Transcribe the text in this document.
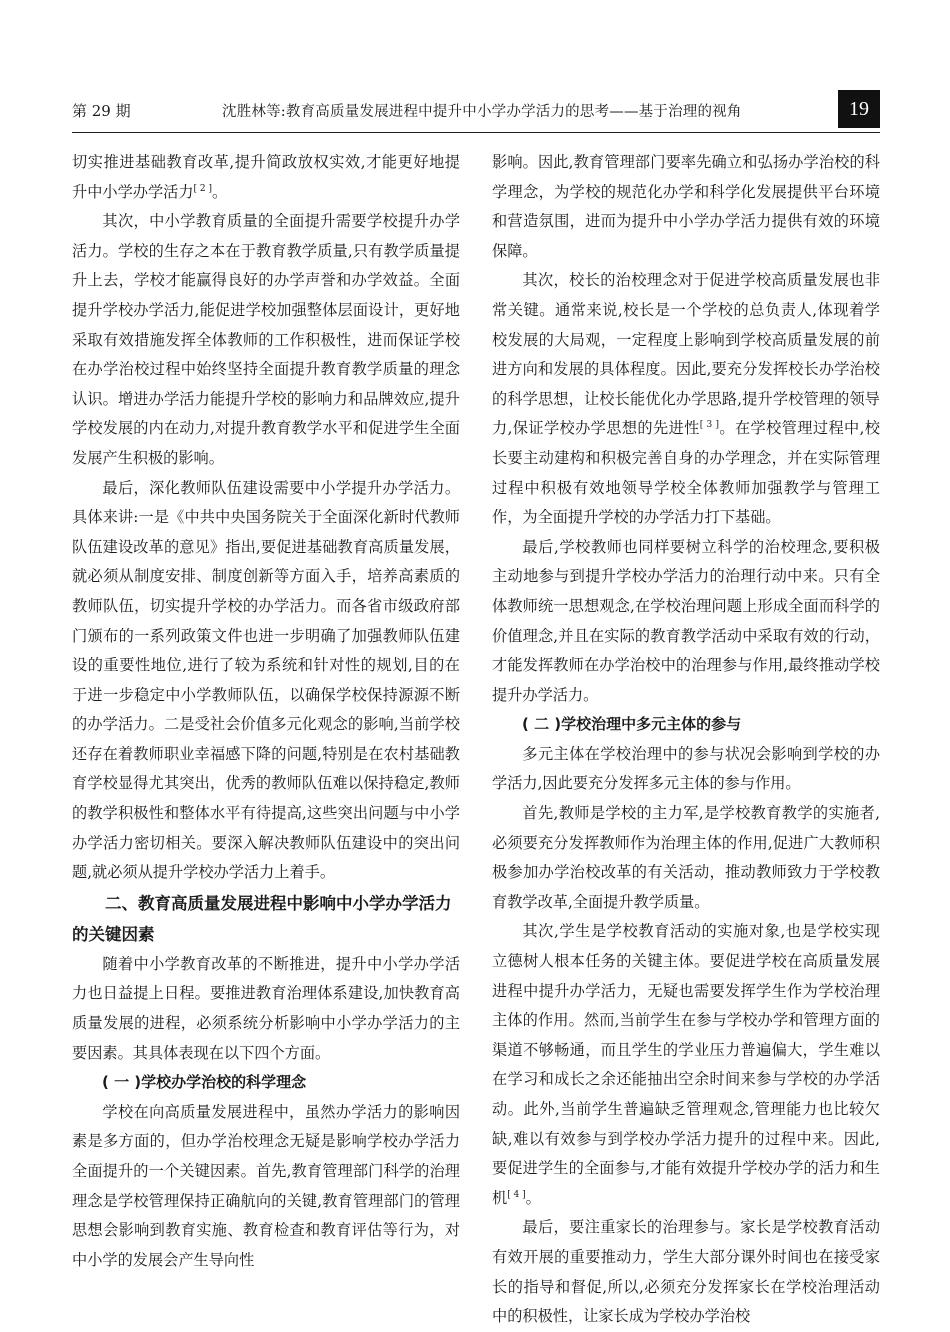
第 29 期	沈胜林等:教育高质量发展进程中提升中小学办学活力的思考——基于治理的视角	19

切实推进基础教育改革,提升简政放权实效,才能更好地提升中小学办学活力[ 2 ]。

其次，中小学教育质量的全面提升需要学校提升办学活力。学校的生存之本在于教育教学质量,只有教学质量提升上去，学校才能赢得良好的办学声誉和办学效益。全面提升学校办学活力,能促进学校加强整体层面设计，更好地采取有效措施发挥全体教师的工作积极性，进而保证学校在办学治校过程中始终坚持全面提升教育教学质量的理念认识。增进办学活力能提升学校的影响力和品牌效应,提升学校发展的内在动力,对提升教育教学水平和促进学生全面发展产生积极的影响。

最后，深化教师队伍建设需要中小学提升办学活力。具体来讲:一是《中共中央国务院关于全面深化新时代教师队伍建设改革的意见》指出,要促进基础教育高质量发展，就必须从制度安排、制度创新等方面入手，培养高素质的教师队伍，切实提升学校的办学活力。而各省市级政府部门颁布的一系列政策文件也进一步明确了加强教师队伍建设的重要性地位,进行了较为系统和针对性的规划,目的在于进一步稳定中小学教师队伍，以确保学校保持源源不断的办学活力。二是受社会价值多元化观念的影响,当前学校还存在着教师职业幸福感下降的问题,特别是在农村基础教育学校显得尤其突出，优秀的教师队伍难以保持稳定,教师的教学积极性和整体水平有待提高,这些突出问题与中小学办学活力密切相关。要深入解决教师队伍建设中的突出问题,就必须从提升学校办学活力上着手。

二、教育高质量发展进程中影响中小学办学活力的关键因素

随着中小学教育改革的不断推进，提升中小学办学活力也日益提上日程。要推进教育治理体系建设,加快教育高质量发展的进程，必须系统分析影响中小学办学活力的主要因素。其具体表现在以下四个方面。

( 一 )学校办学治校的科学理念

学校在向高质量发展进程中，虽然办学活力的影响因素是多方面的，但办学治校理念无疑是影响学校办学活力全面提升的一个关键因素。首先,教育管理部门科学的治理理念是学校管理保持正确航向的关键,教育管理部门的管理思想会影响到教育实施、教育检查和教育评估等行为，对中小学的发展会产生导向性

影响。因此,教育管理部门要率先确立和弘扬办学治校的科学理念，为学校的规范化办学和科学化发展提供平台环境和营造氛围，进而为提升中小学办学活力提供有效的环境保障。

其次，校长的治校理念对于促进学校高质量发展也非常关键。通常来说,校长是一个学校的总负责人,体现着学校发展的大局观，一定程度上影响到学校高质量发展的前进方向和发展的具体程度。因此,要充分发挥校长办学治校的科学思想，让校长能优化办学思路,提升学校管理的领导力,保证学校办学思想的先进性[ 3 ]。在学校管理过程中,校长要主动建构和积极完善自身的办学理念，并在实际管理过程中积极有效地领导学校全体教师加强教学与管理工作，为全面提升学校的办学活力打下基础。

最后,学校教师也同样要树立科学的治校理念,要积极主动地参与到提升学校办学活力的治理行动中来。只有全体教师统一思想观念,在学校治理问题上形成全面而科学的价值理念,并且在实际的教育教学活动中采取有效的行动，才能发挥教师在办学治校中的治理参与作用,最终推动学校提升办学活力。

( 二 )学校治理中多元主体的参与

多元主体在学校治理中的参与状况会影响到学校的办学活力,因此要充分发挥多元主体的参与作用。

首先,教师是学校的主力军,是学校教育教学的实施者,必须要充分发挥教师作为治理主体的作用,促进广大教师积极参加办学治校改革的有关活动，推动教师致力于学校教育教学改革,全面提升教学质量。

其次,学生是学校教育活动的实施对象,也是学校实现立德树人根本任务的关键主体。要促进学校在高质量发展进程中提升办学活力，无疑也需要发挥学生作为学校治理主体的作用。然而,当前学生在参与学校办学和管理方面的渠道不够畅通，而且学生的学业压力普遍偏大，学生难以在学习和成长之余还能抽出空余时间来参与学校的办学活动。此外,当前学生普遍缺乏管理观念,管理能力也比较欠缺,难以有效参与到学校办学活力提升的过程中来。因此,要促进学生的全面参与,才能有效提升学校办学的活力和生机[ 4 ]。

最后，要注重家长的治理参与。家长是学校教育活动有效开展的重要推动力，学生大部分课外时间也在接受家长的指导和督促,所以,必须充分发挥家长在学校治理活动中的积极性，让家长成为学校办学治校
